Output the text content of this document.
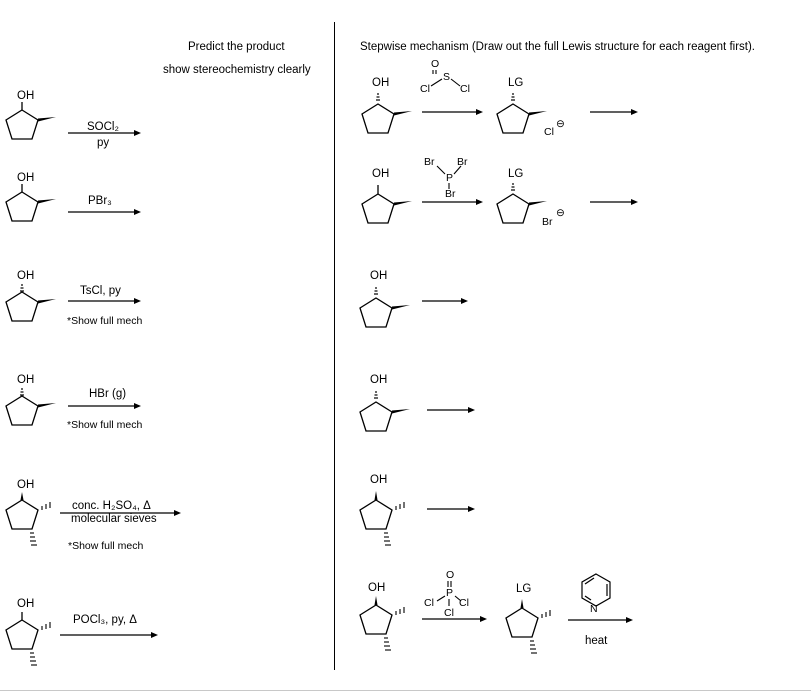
Predict the product
show stereochemistry clearly
Stepwise mechanism (Draw out the full Lewis structure for each reagent first).
OH
SOCl₂
py
OH
PBr₃
OH
TsCl, py
*Show full mech
OH
HBr (g)
*Show full mech
OH
conc. H₂SO₄, Δ
molecular sieves
*Show full mech
OH
POCl₃, py, Δ
OH
O
S
Cl	Cl	LG
Cl
⊖
OH
Br Br
P
Br
LG
Br
⊖
OH
OH
OH
OH
O
P
Cl Cl
Cl
LG
N
heat
